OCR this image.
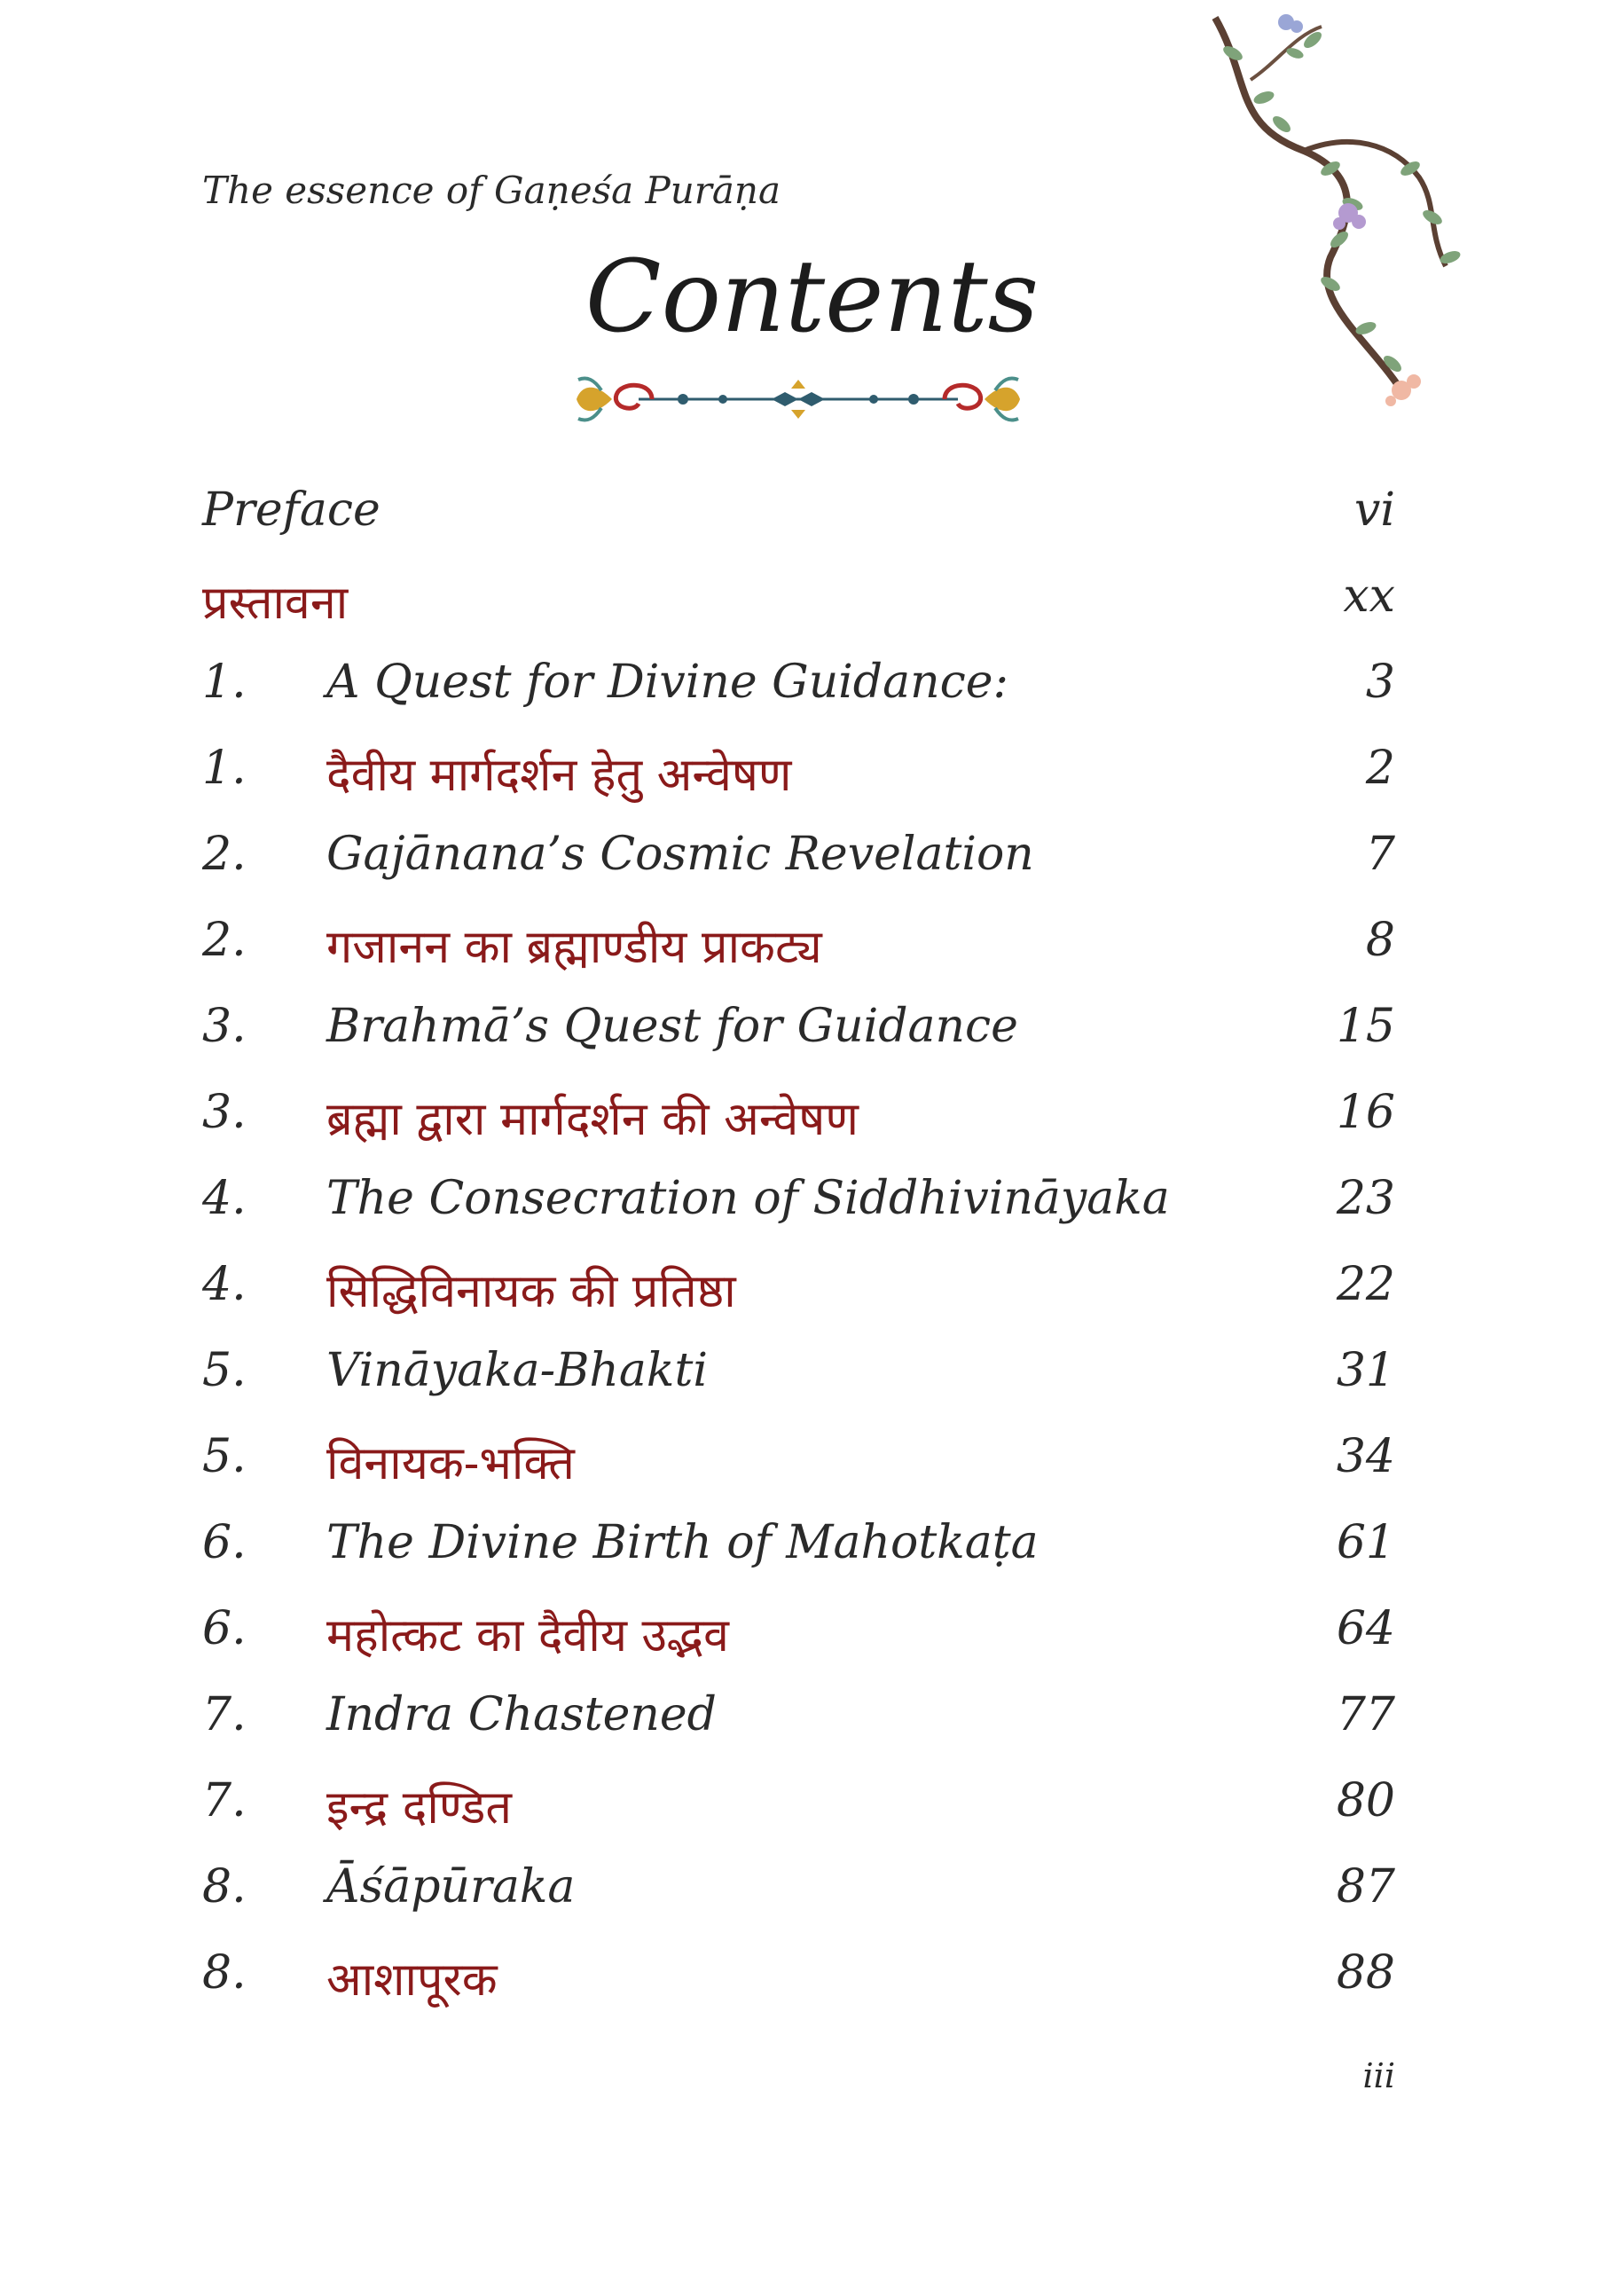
The essence of Gaṇeśa Purāṇa
Contents
Preface	vi
प्रस्तावना	xx
1. A Quest for Divine Guidance:	3
1. दैवीय मार्गदर्शन हेतु अन्वेषण	2
2. Gajānana’s Cosmic Revelation	7
2. गजानन का ब्रह्माण्डीय प्राकट्य	8
3. Brahmā’s Quest for Guidance	15
3. ब्रह्मा द्वारा मार्गदर्शन की अन्वेषण	16
4. The Consecration of Siddhivināyaka	23
4. सिद्धिविनायक की प्रतिष्ठा	22
5. Vināyaka-Bhakti	31
5. विनायक-भक्ति	34
6. The Divine Birth of Mahotkaṭa	61
6. महोत्कट का दैवीय उद्भव	64
7. Indra Chastened	77
7. इन्द्र दण्डित	80
8. Āśāpūraka	87
8. आशापूरक	88
iii
